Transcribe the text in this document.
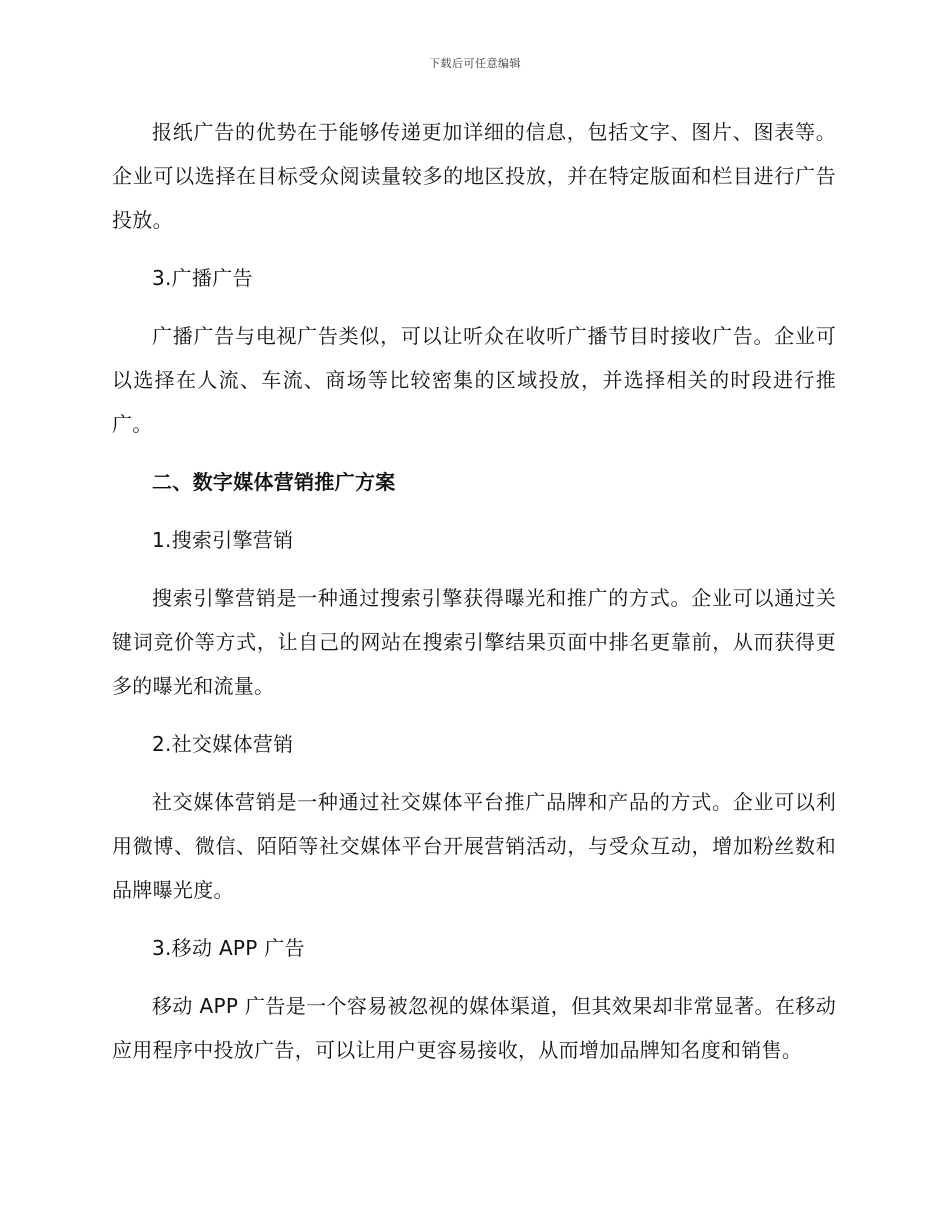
下载后可任意编辑

报纸广告的优势在于能够传递更加详细的信息，包括文字、图片、图表等。企业可以选择在目标受众阅读量较多的地区投放，并在特定版面和栏目进行广告投放。

3.广播广告

广播广告与电视广告类似，可以让听众在收听广播节目时接收广告。企业可以选择在人流、车流、商场等比较密集的区域投放，并选择相关的时段进行推广。

二、数字媒体营销推广方案

1.搜索引擎营销

搜索引擎营销是一种通过搜索引擎获得曝光和推广的方式。企业可以通过关键词竞价等方式，让自己的网站在搜索引擎结果页面中排名更靠前，从而获得更多的曝光和流量。

2.社交媒体营销

社交媒体营销是一种通过社交媒体平台推广品牌和产品的方式。企业可以利用微博、微信、陌陌等社交媒体平台开展营销活动，与受众互动，增加粉丝数和品牌曝光度。

3.移动 APP 广告

移动 APP 广告是一个容易被忽视的媒体渠道，但其效果却非常显著。在移动应用程序中投放广告，可以让用户更容易接收，从而增加品牌知名度和销售。
